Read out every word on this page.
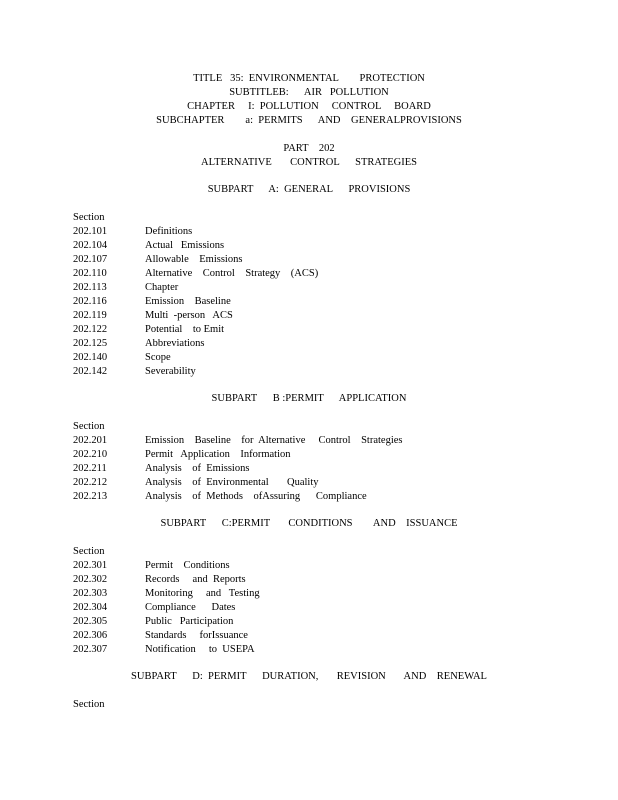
TITLE   35:  ENVIRONMENTAL        PROTECTION
SUBTITLEB:      AIR   POLLUTION
CHAPTER     I:  POLLUTION     CONTROL     BOARD
SUBCHAPTER        a:  PERMITS      AND    GENERALPROVISIONS
PART    202
ALTERNATIVE       CONTROL      STRATEGIES
SUBPART      A:  GENERAL      PROVISIONS
Section
202.101	Definitions
202.104	Actual   Emissions
202.107	Allowable    Emissions
202.110	Alternative    Control    Strategy    (ACS)
202.113	Chapter
202.116	Emission    Baseline
202.119	Multi  -person   ACS
202.122	Potential    to Emit
202.125	Abbreviations
202.140	Scope
202.142	Severability
SUBPART      B :PERMIT      APPLICATION
Section
202.201	Emission    Baseline    for  Alternative     Control    Strategies
202.210	Permit   Application    Information
202.211	Analysis    of  Emissions
202.212	Analysis    of  Environmental       Quality
202.213	Analysis    of  Methods    ofAssuring      Compliance
SUBPART      C:PERMIT       CONDITIONS        AND    ISSUANCE
Section
202.301	Permit    Conditions
202.302	Records     and  Reports
202.303	Monitoring     and   Testing
202.304	Compliance      Dates
202.305	Public   Participation
202.306	Standards     forIssuance
202.307	Notification     to  USEPA
SUBPART      D:  PERMIT      DURATION,       REVISION       AND    RENEWAL
Section
